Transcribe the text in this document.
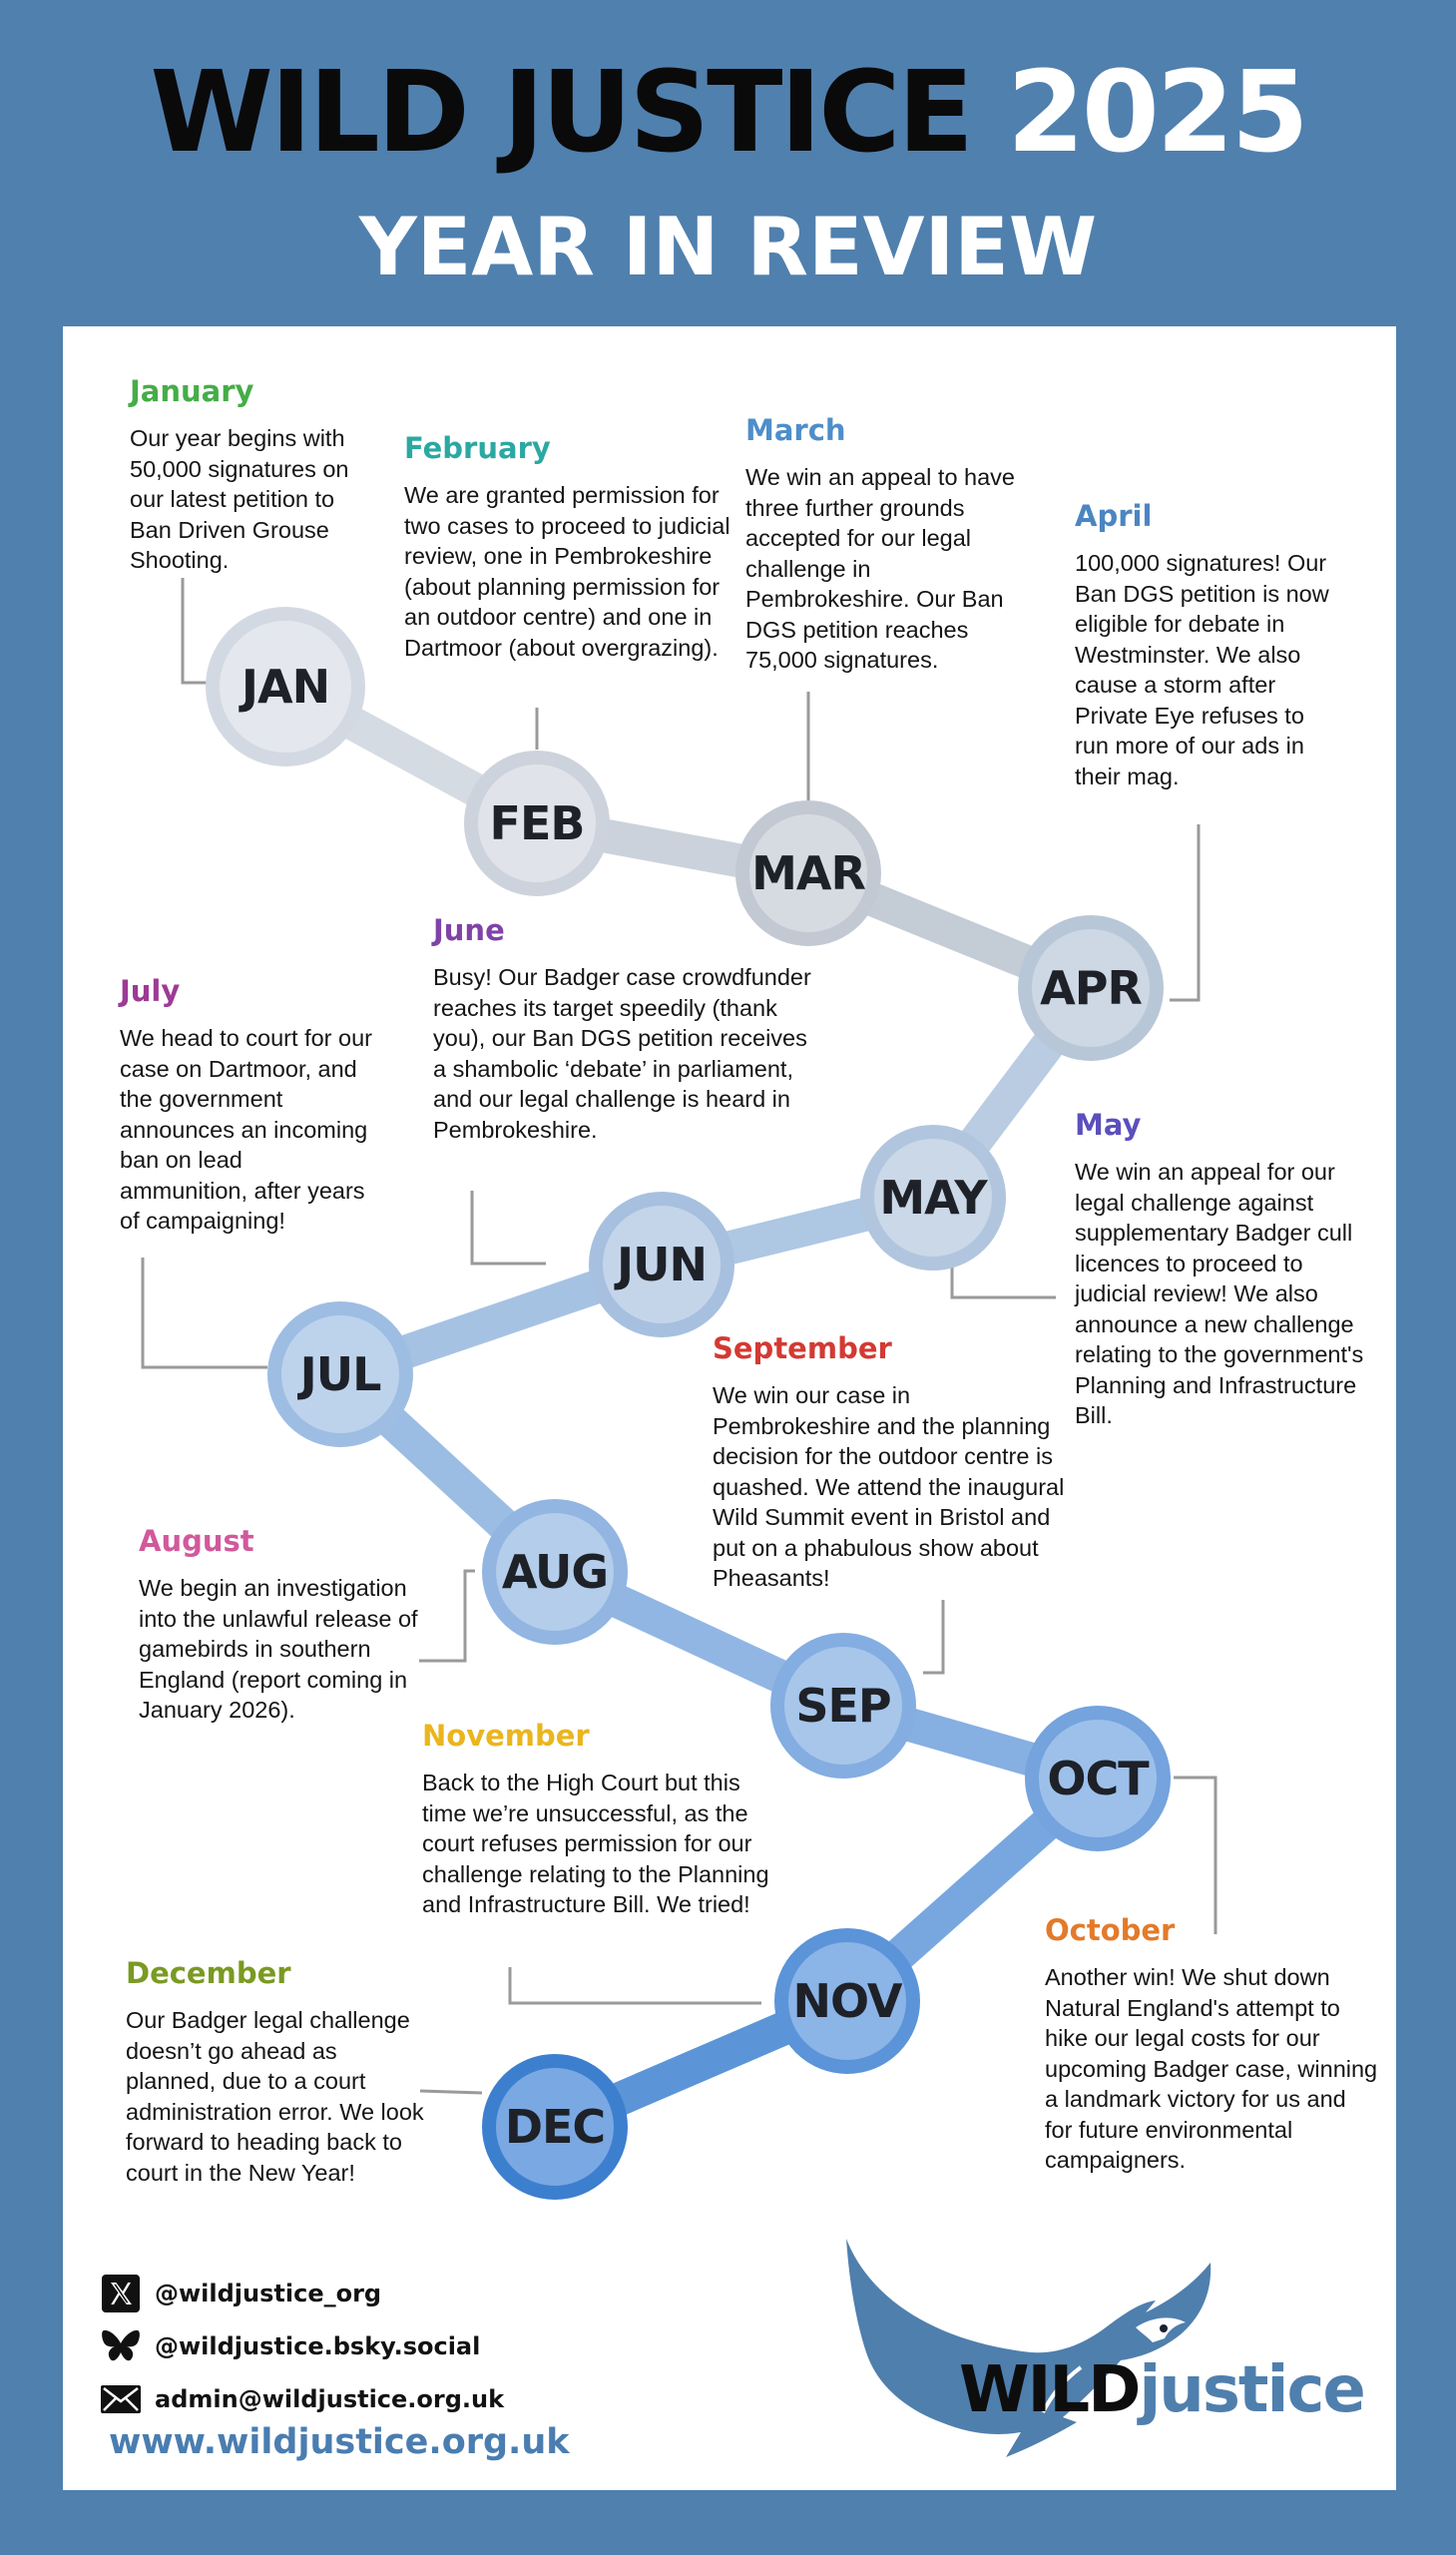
WILD JUSTICE 2025
YEAR IN REVIEW
JAN
FEB
MAR
APR
MAY
JUN
JUL
AUG
SEP
OCT
NOV
DEC
January
Our year begins with 50,000 signatures on our latest petition to Ban Driven Grouse Shooting.
February
We are granted permission for two cases to proceed to judicial review, one in Pembrokeshire (about planning permission for an outdoor centre) and one in Dartmoor (about overgrazing).
March
We win an appeal to have three further grounds accepted for our legal challenge in Pembrokeshire. Our Ban DGS petition reaches 75,000 signatures.
April
100,000 signatures! Our Ban DGS petition is now eligible for debate in Westminster. We also cause a storm after Private Eye refuses to run more of our ads in their mag.
May
We win an appeal for our legal challenge against supplementary Badger cull licences to proceed to judicial review! We also announce a new challenge relating to the government's Planning and Infrastructure Bill.
June
Busy! Our Badger case crowdfunder reaches its target speedily (thank you), our Ban DGS petition receives a shambolic ‘debate’ in parliament, and our legal challenge is heard in Pembrokeshire.
July
We head to court for our case on Dartmoor, and the government announces an incoming ban on lead ammunition, after years of campaigning!
August
We begin an investigation into the unlawful release of gamebirds in southern England (report coming in January 2026).
September
We win our case in Pembrokeshire and the planning decision for the outdoor centre is quashed. We attend the inaugural Wild Summit event in Bristol and put on a phabulous show about Pheasants!
October
Another win! We shut down Natural England's attempt to hike our legal costs for our upcoming Badger case, winning a landmark victory for us and for future environmental campaigners.
November
Back to the High Court but this time we’re unsuccessful, as the court refuses permission for our challenge relating to the Planning and Infrastructure Bill. We tried!
December
Our Badger legal challenge doesn’t go ahead as planned, due to a court administration error. We look forward to heading back to court in the New Year!
@wildjustice_org
@wildjustice.bsky.social
admin@wildjustice.org.uk
www.wildjustice.org.uk
WILDjustice
